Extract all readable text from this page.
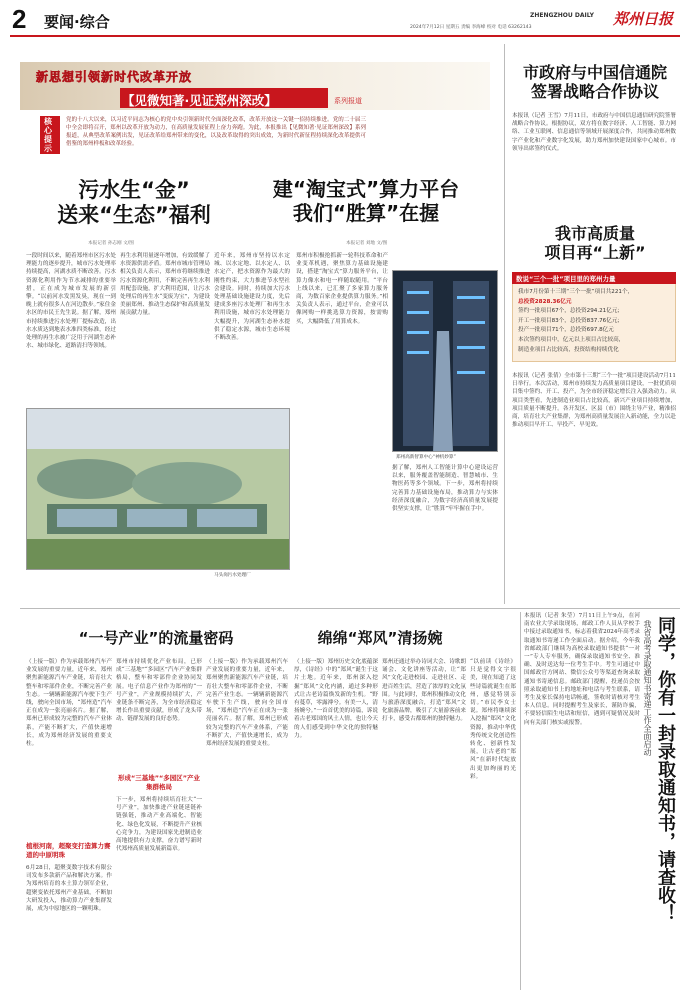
2	要闻·综合	2024年7月12日 星期五 责编 李海峰 校对 电话 63262143
ZHENGZHOU DAILY 郑州日报
新思想引领新时代改革开放
【见微知著·见证郑州深改】	系列报道
核心提示
党的十八大以来，以习近平同志为核心的党中央引领新时代全面深化改革，改革开放这一关键一招持续推进。党的二十届三中全会即将召开，郑州以改革开放为动力，在高质量发展征程上奋力奔跑。为此，本报推出【见微知著·见证郑州深改】系列报道，从典型改革案例出发，见证改革给郑州带来的变化，以及改革取得的突出成效，为新时代新征程持续深化改革提供可借鉴的郑州样板和改革经验。
污水生“金”
送来“生态”福利
本报记者 孙志刚 文/图
一段时间以来，随着郑州市区污水处理能力的逐步提升，城市污水处理率持续提高，河湖水质不断改善。污水资源化利用作为节水减排的重要举措，正在成为城市发展的新引擎。“以前河水发黑发臭，现在一到晚上就有很多人在河边散步。”家住金水区的市民王先生说。据了解，郑州市持续推进污水处理厂提标改造，出水水质达到地表水准四类标准，经过处理的再生水被广泛用于河湖生态补水、城市绿化、道路清扫等领域。
再生水利用量逐年增加，有效缓解了水资源供需矛盾。郑州市城市管理局相关负责人表示，郑州市将继续推进污水资源化利用，不断完善再生水利用配套设施，扩大利用范围，让污水处理后的再生水“变废为宝”，为建设美丽郑州、推动生态保护和高质量发展贡献力量。
近年来，郑州市坚持以水定城、以水定地、以水定人、以水定产，把水资源作为最大的刚性约束，大力推进节水型社会建设。同时，持续加大污水处理基础设施建设力度，先后建成多座污水处理厂和再生水利用设施，城市污水处理能力大幅提升，为河湖生态补水提供了稳定水源，城市生态环境不断改善。
马头岗污水处理厂
建“淘宝式”算力平台
我们“胜算”在握
本报记者 刘地 文/图
郑州市积极抢抓新一轮科技革命和产业变革机遇，聚焦算力基础设施建设，搭建“淘宝式”算力服务平台，让算力像水和电一样随取随用。“平台上线以来，已汇聚了多家算力服务商，为数百家企业提供算力服务。”相关负责人表示，通过平台，企业可以像网购一样挑选算力资源，按需购买，大幅降低了用算成本。
郑州高新智算中心“神机妙算”
据了解，郑州人工智能计算中心建设运营以来，服务覆盖智能制造、智慧城市、生物医药等多个领域。下一步，郑州将持续完善算力基础设施布局，推动算力与实体经济深度融合，为数字经济高质量发展提供坚实支撑，让“胜算”牢牢握在手中。
市政府与中国信通院
签署战略合作协议
本报讯（记者 王雪）7月11日，市政府与中国信息通信研究院签署战略合作协议。根据协议，双方将在数字经济、人工智能、算力网络、工业互联网、信息通信等领域开展深度合作，共同推动郑州数字产业化和产业数字化发展，助力郑州加快建设国家中心城市。市领导出席签约仪式。
我市高质量
项目再“上新”
数说“三个一批”项目里的郑州力量
我市7月份第十三期“三个一批”项目共221个，
总投资2828.36亿元
签约一批项目67个，总投资294.21亿元；
开工一批项目83个，总投资837.76亿元；
投产一批项目71个，总投资697.8亿元
本次签约项目中，亿元以上项目占比较高，
制造业项目占比较高，投资结构持续优化
本报讯（记者 张倩）全市第十三期“三个一批”项目建设活动7月11日举行。本次活动，郑州市持续发力高质量项目建设，一批优质项目集中签约、开工、投产，为全市经济稳定增长注入强劲动力。从项目类型看，先进制造业项目占比较高，新兴产业项目持续增加，项目质量不断提升。各开发区、区县（市）围绕主导产业，精准招商，培育壮大产业集群，为郑州高质量发展注入新动能，全力以赴推动项目早开工、早投产、早见效。
“一号产业”的流量密码
（上接一版）作为承载郑州汽车产业发展的重要力量，近年来，郑州聚焦新能源汽车产业链，培育壮大整车和零部件企业，不断完善产业生态。一辆辆新能源汽车驶下生产线，驶向全国市场，“郑州造”汽车正在成为一张亮丽名片。据了解，郑州已形成较为完整的汽车产业体系，产能不断扩大，产值快速增长，成为郑州经济发展的重要支柱。
植根河南，超聚变打造算力赛道的中原明珠
6月28日，超聚变数字技术有限公司发布多款新产品和解决方案。作为郑州培育的本土算力领军企业，超聚变依托郑州产业基础，不断加大研发投入，推动算力产业集群发展，成为中原地区的一颗明珠。
郑州市持续优化产业布局，已形成“三基地”“多园区”汽车产业集群格局，整车和零部件企业协同发展。电子信息产业作为郑州的“一号产业”，产业规模持续扩大，产业链条不断完善，为全市经济稳定增长作出重要贡献，形成了龙头带动、链群发展的良好态势。
形成“三基地”“多园区”产业集群格局
下一步，郑州将持续培育壮大“一号产业”，加快推进产业链延链补链强链，推动产业高端化、智能化、绿色化发展，不断提升产业核心竞争力，为建设国家先进制造业高地提供有力支撑，奋力谱写新时代郑州高质量发展新篇章。
（上接一版）作为承载郑州汽车产业发展的重要力量，近年来，郑州聚焦新能源汽车产业链，培育壮大整车和零部件企业，不断完善产业生态。一辆辆新能源汽车驶下生产线，驶向全国市场，“郑州造”汽车正在成为一张亮丽名片。据了解，郑州已形成较为完整的汽车产业体系，产能不断扩大，产值快速增长，成为郑州经济发展的重要支柱。
绵绵“郑风”清扬婉
（上接一版）郑州历史文化底蕴深厚，《诗经》中的“郑风”诞生于这片土地。近年来，郑州深入挖掘“郑风”文化内涵，通过多种形式让古老诗篇焕发新的生机。“野有蔓草，零露漙兮。有美一人，清扬婉兮。”一首首优美的诗篇，诉说着古老郑国的风土人情，也让今天的人们感受到中华文化的独特魅力。
郑州还通过举办诗词大会、诗歌朗诵会、文化讲座等活动，让“郑风”文化走进校园、走进社区、走进百姓生活，营造了浓厚的文化氛围。与此同时，郑州积极推动文化与旅游深度融合，打造“郑风”文化旅游品牌，吸引了大量游客前来打卡，感受古都郑州的独特魅力。
“以前读《诗经》只是觉得文字很美，现在知道了这些诗篇就诞生在郑州，感觉特别亲切。”市民李女士说。郑州将继续深入挖掘“郑风”文化资源，推动中华优秀传统文化创造性转化、创新性发展，让古老的“郑风”在新时代绽放出更加绚丽的光彩。
本报讯（记者 朱莹）7月11日上午9点，在河南农业大学录取现场，邮政工作人员从学校手中接过录取通知书，标志着我省2024年高考录取通知书寄递工作全面启动。据介绍，今年我省邮政部门继续为高校录取通知书提供“一对一”专人专车服务，确保录取通知书安全、准确、及时送达每一位考生手中。考生可通过中国邮政官方网站、微信公众号等渠道查询录取通知书寄递信息。邮政部门提醒，投递员会按照录取通知书上的地址和电话与考生联系，请考生及家长保持电话畅通，签收时请核对考生本人信息。同时提醒考生及家长，谨防诈骗，不要轻信陌生电话和短信，遇到可疑情况及时向有关部门核实或报警。	同学，你有一封录取通知书，请查收！
我省高考录取通知书寄递工作全面启动
